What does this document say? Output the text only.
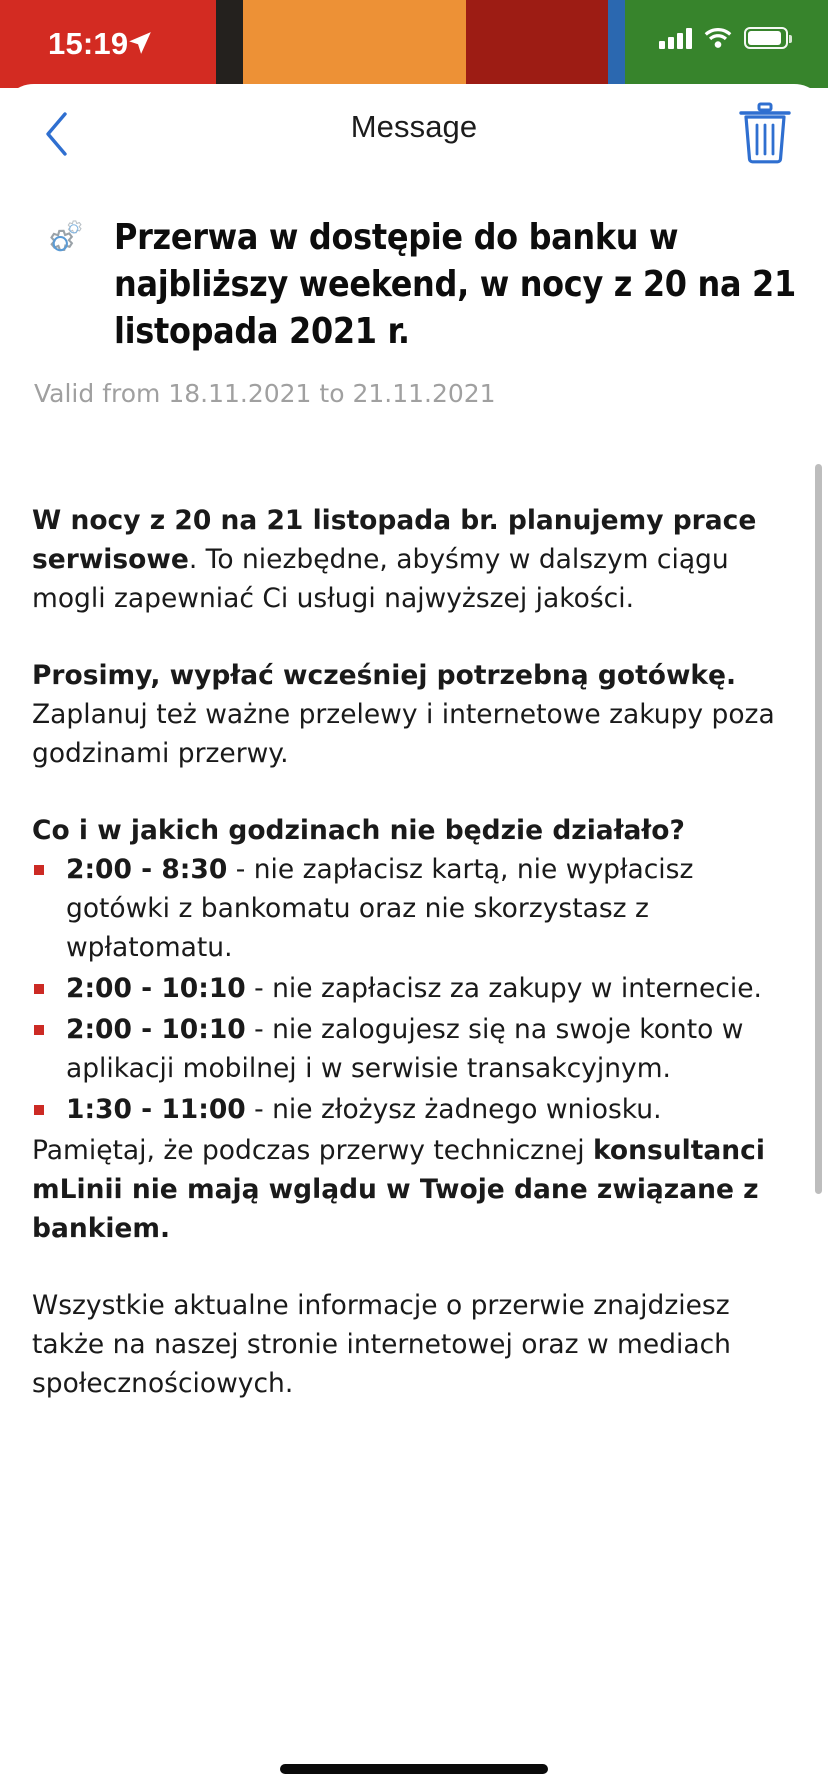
15:19
Message
Przerwa w dostępie do banku w najbliższy weekend, w nocy z 20 na 21 listopada 2021 r.
Valid from 18.11.2021 to 21.11.2021

W nocy z 20 na 21 listopada br. planujemy prace serwisowe. To niezbędne, abyśmy w dalszym ciągu mogli zapewniać Ci usługi najwyższej jakości.

Prosimy, wypłać wcześniej potrzebną gotówkę. Zaplanuj też ważne przelewy i internetowe zakupy poza godzinami przerwy.

Co i w jakich godzinach nie będzie działało?

2:00 - 8:30 - nie zapłacisz kartą, nie wypłacisz gotówki z bankomatu oraz nie skorzystasz z wpłatomatu.
2:00 - 10:10 - nie zapłacisz za zakupy w internecie.
2:00 - 10:10 - nie zalogujesz się na swoje konto w aplikacji mobilnej i w serwisie transakcyjnym.
1:30 - 11:00 - nie złożysz żadnego wniosku.

Pamiętaj, że podczas przerwy technicznej konsultanci mLinii nie mają wglądu w Twoje dane związane z bankiem.

Wszystkie aktualne informacje o przerwie znajdziesz także na naszej stronie internetowej oraz w mediach społecznościowych.
